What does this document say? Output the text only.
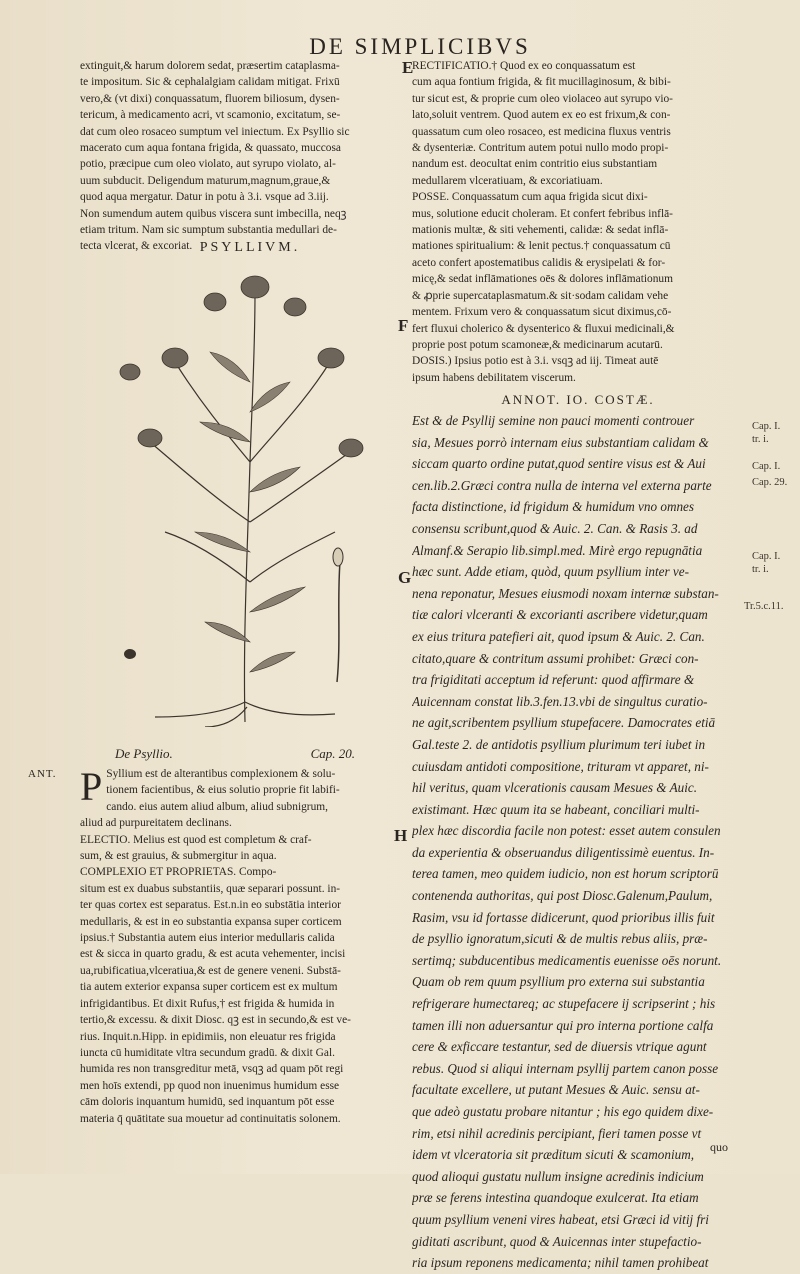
DE SIMPLICIBVS

extinguit,& harum dolorem sedat, præsertim cataplasma-

te impositum. Sic & cephalalgiam calidam mitigat. Frixū

vero,& (vt dixi) conquassatum, fluorem biliosum, dysen-

tericum, à medicamento acri, vt scamonio, excitatum, se-

dat cum oleo rosaceo sumptum vel iniectum. Ex Psyllio sic

macerato cum aqua fontana frigida, & quassato, muccosa

potio, præcipue cum oleo violato, aut syrupo violato, al-

uum subducit. Deligendum maturum,magnum,graue,&

quod aqua mergatur. Datur in potu à 3.i. vsque ad 3.iij.

Non sumendum autem quibus viscera sunt imbecilla, neqꝫ

etiam tritum. Nam sic sumptum substantia medullari de-

tecta vlcerat, & excoriat. PSYLLIVM.
De Psyllio.	Cap. 20.
ANT. P Syllium est de alterantibus complexionem & solu-

tionem facientibus, & eius solutio proprie fit labifi-

cando. eius autem aliud album, aliud subnigrum,

aliud ad purpureitatem declinans.

ELECTIO. Melius est quod est completum & craf-

sum, & est grauius, & submergitur in aqua.

COMPLEXIO ET PROPRIETAS. Compo-

situm est ex duabus substantiis, quæ separari possunt. in-

ter quas cortex est separatus. Est.n.in eo substātia interior

medullaris, & est in eo substantia expansa super corticem

ipsius.† Substantia autem eius interior medullaris calida

est & sicca in quarto gradu, & est acuta vehementer, incisi

ua,rubificatiua,vlceratiua,& est de genere veneni. Substā-

tia autem exterior expansa super corticem est ex multum

infrigidantibus. Et dixit Rufus,† est frigida & humida in

tertio,& excessu. & dixit Diosc. qꝫ est in secundo,& est ve-

rius. Inquit.n.Hipp. in epidimiis, non eleuatur res frigida

iuncta cū humiditate vltra secundum gradū. & dixit Gal.

humida res non transgreditur metā, vsqꝫ ad quam pōt regi

men hoīs extendi, pp quod non inuenimus humidum esse

cām doloris inquantum humidū, sed inquantum pōt esse

materia q̄ quātitate sua mouetur ad continuitatis solonem.

RECTIFICATIO.† Quod ex eo conquassatum est

cum aqua fontium frigida, & fit mucillaginosum, & bibi-

tur sicut est, & proprie cum oleo violaceo aut syrupo vio-

lato,soluit ventrem. Quod autem ex eo est frixum,& con-

quassatum cum oleo rosaceo, est medicina fluxus ventris

& dysenteriæ. Contritum autem potui nullo modo propi-

nandum est. deocultat enim contritio eius substantiam

medullarem vlceratiuam, & excoriatiuam.

POSSE. Conquassatum cum aqua frigida sicut dixi-

mus, solutione educit choleram. Et confert febribus inflā-

mationis multæ, & siti vehementi, calidæ: & sedat inflā-

mationes spiritualium: & lenit pectus.† conquassatum cū

aceto confert apostematibus calidis & erysipelati & for-

micę,& sedat inflāmationes oēs & dolores inflāmationum

& ꝓprie supercataplasmatum.& sit·sodam calidam vehe

mentem. Frixum vero & conquassatum sicut diximus,cō-

fert fluxui cholerico & dysenterico & fluxui medicinali,&

proprie post potum scamoneæ,& medicinarum acutarū.

DOSIS.) Ipsius potio est à 3.i. vsqꝫ ad iij. Timeat autē

ipsum habens debilitatem viscerum.

ANNOT. IO. COSTÆ.

Est & de Psyllij semine non pauci momenti controuer

sia, Mesues porrò internam eius substantiam calidam &

siccam quarto ordine putat,quod sentire visus est & Aui

cen.lib.2.Græci contra nulla de interna vel externa parte

facta distinctione, id frigidum & humidum vno omnes

consensu scribunt,quod & Auic. 2. Can. & Rasis 3. ad

Almanf.& Serapio lib.simpl.med. Mirè ergo repugnātia

hæc sunt. Adde etiam, quòd, quum psyllium inter ve-

nena reponatur, Mesues eiusmodi noxam internæ substan-

tiæ calori vlceranti & excorianti ascribere videtur,quam

ex eius tritura patefieri ait, quod ipsum & Auic. 2. Can.

citato,quare & contritum assumi prohibet: Græci con-

tra frigiditati acceptum id referunt: quod affirmare &

Auicennam constat lib.3.fen.13.vbi de singultus curatio-

ne agit,scribentem psyllium stupefacere. Damocrates etiā

Gal.teste 2. de antidotis psyllium plurimum teri iubet in

cuiusdam antidoti compositione, trituram vt apparet, ni-

hil veritus, quam vlcerationis causam Mesues & Auic.

existimant. Hæc quum ita se habeant, conciliari multi-

plex hæc discordia facile non potest: esset autem consulen

da experientia & obseruandus diligentissimè euentus. In-

terea tamen, meo quidem iudicio, non est horum scriptorū

contenenda authoritas, qui post Diosc.Galenum,Paulum,

Rasim, vsu id fortasse didicerunt, quod prioribus illis fuit

de psyllio ignoratum,sicuti & de multis rebus aliis, præ-

sertimq; subducentibus medicamentis euenisse oēs norunt.

Quam ob rem quum psyllium pro externa sui substantia

refrigerare humectareq; ac stupefacere ij scripserint ; his

tamen illi non aduersantur qui pro interna portione calfa

cere & exficcare testantur, sed de diuersis vtrique agunt

rebus. Quod si aliqui internam psyllij partem canon posse

facultate excellere, ut putant Mesues & Auic. sensu at-

que adeò gustatu probare nitantur ; his ego quidem dixe-

rim, etsi nihil acredinis percipiant, fieri tamen posse vt

idem vt vlceratoria sit præditum sicuti & scamonium,

quod alioqui gustatu nullum insigne acredinis indicium

præ se ferens intestina quandoque exulcerat. Ita etiam

quum psyllium veneni vires habeat, etsi Græci id vitij fri

giditati ascribunt, quod & Auicennas inter stupefactio-

ria ipsum reponens medicamenta; nihil tamen prohibeat

E
F
G
H
Cap. I.
tr. i.
Cap. I.
Cap. 29.
Cap. I.
tr. i.
Tr.5.c.11.
quo
